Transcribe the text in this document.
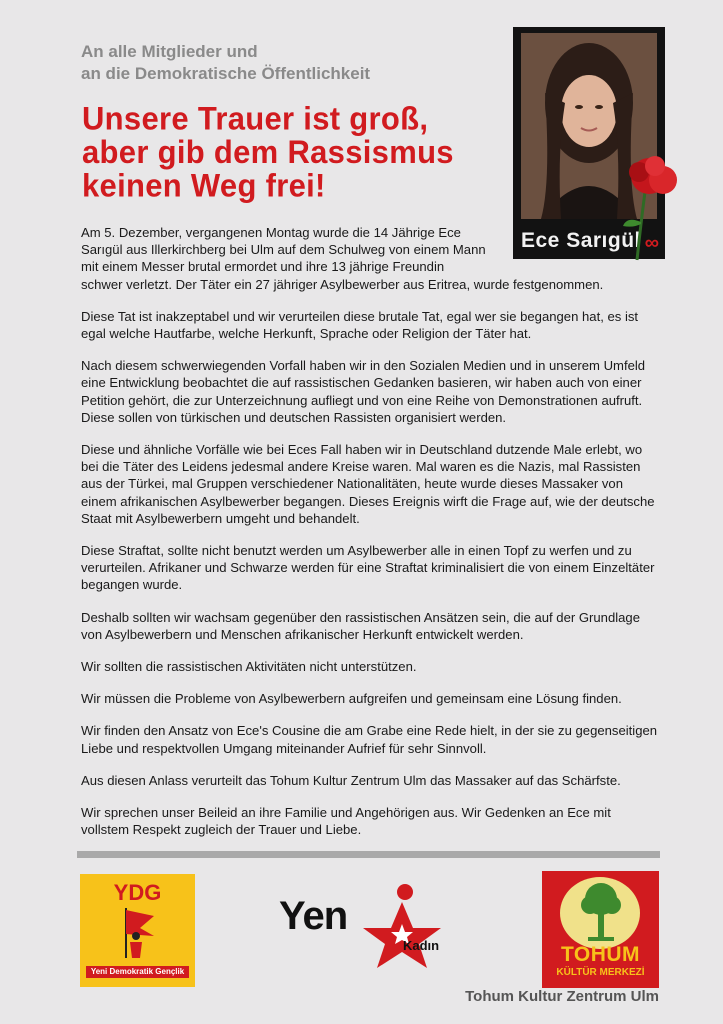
An alle Mitglieder und
an die Demokratische Öffentlichkeit
Unsere Trauer ist groß,
aber gib dem Rassismus
keinen Weg frei!
Ece Sarıgül ∞

Am 5. Dezember, vergangenen Montag wurde die 14 Jährige Ece Sarıgül aus Illerkirchberg bei Ulm auf dem Schulweg von einem Mann mit einem Messer brutal ermordet und ihre 13 jährige Freundin

schwer verletzt. Der Täter ein 27 jähriger Asylbewerber aus Eritrea, wurde festgenommen.

Diese Tat ist inakzeptabel und wir verurteilen diese brutale Tat, egal wer sie begangen hat, es ist egal welche Hautfarbe, welche Herkunft, Sprache oder Religion der Täter hat.

Nach diesem schwerwiegenden Vorfall haben wir in den Sozialen Medien und in unserem Umfeld eine Entwicklung beobachtet die auf rassistischen Gedanken basieren, wir haben auch von einer Petition gehört, die zur Unterzeichnung aufliegt und von eine Reihe von Demonstrationen aufruft. Diese sollen von türkischen und deutschen Rassisten organisiert werden.

Diese und ähnliche Vorfälle wie bei Eces Fall haben wir in Deutschland dutzende Male erlebt, wo bei die Täter des Leidens jedesmal andere Kreise waren. Mal waren es die Nazis, mal Rassisten aus der Türkei, mal Gruppen verschiedener Nationalitäten, heute wurde dieses Massaker von einem afrikanischen Asylbewerber begangen. Dieses Ereignis wirft die Frage auf, wie der deutsche Staat mit Asylbewerbern umgeht und behandelt.

Diese Straftat, sollte nicht benutzt werden um Asylbewerber alle in einen Topf zu werfen und zu verurteilen. Afrikaner und Schwarze werden für eine Straftat kriminalisiert die von einem Einzeltäter begangen wurde.

Deshalb sollten wir wachsam gegenüber den rassistischen Ansätzen sein, die auf der Grundlage von Asylbewerbern und Menschen afrikanischer Herkunft entwickelt werden.

Wir sollten die rassistischen Aktivitäten nicht unterstützen.

Wir müssen die Probleme von Asylbewerbern aufgreifen und gemeinsam eine Lösung finden.

Wir finden den Ansatz von Ece's Cousine die am Grabe eine Rede hielt, in der sie zu gegenseitigen Liebe und respektvollen Umgang miteinander Aufrief für sehr Sinnvoll.

Aus diesen Anlass verurteilt das Tohum Kultur Zentrum Ulm das Massaker auf das Schärfste.

Wir sprechen unser Beileid an ihre Familie und Angehörigen aus. Wir Gedenken an Ece mit vollstem Respekt zugleich der Trauer und Liebe.

YDG
Yeni Demokratik Gençlik
Yen
Kadın	TOHUM
KÜLTÜR MERKEZİ
Tohum Kultur Zentrum Ulm
